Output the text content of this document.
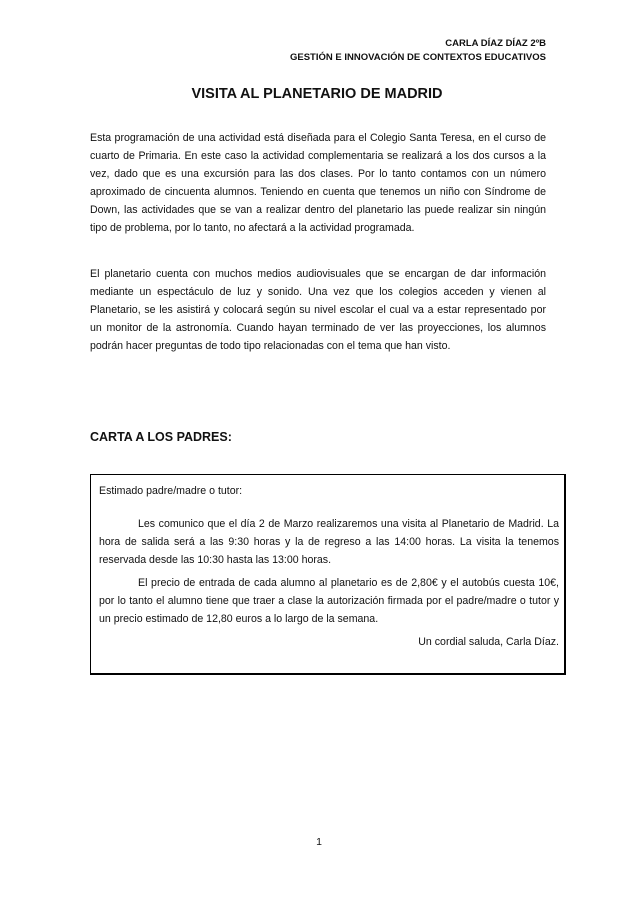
CARLA DÍAZ DÍAZ 2ºB
GESTIÓN E INNOVACIÓN DE CONTEXTOS EDUCATIVOS
VISITA AL PLANETARIO DE MADRID
Esta programación de una actividad está diseñada para el Colegio Santa Teresa, en el curso de cuarto de Primaria. En este caso la actividad complementaria se realizará a los dos cursos a la vez, dado que es una excursión para las dos clases. Por lo tanto contamos con un número aproximado de cincuenta alumnos. Teniendo en cuenta que tenemos un niño con Síndrome de Down, las actividades que se van a realizar dentro del planetario las puede realizar sin ningún tipo de problema, por lo tanto, no afectará a la actividad programada.
El planetario cuenta con muchos medios audiovisuales que se encargan de dar información mediante un espectáculo de luz y sonido. Una vez que los colegios acceden y vienen al Planetario, se les asistirá y colocará según su nivel escolar el cual va a estar representado por un monitor de la astronomía. Cuando hayan terminado de ver las proyecciones, los alumnos podrán hacer preguntas de todo tipo relacionadas con el tema que han visto.
CARTA A LOS PADRES:
Estimado padre/madre o tutor:
Les comunico que el día 2 de Marzo realizaremos una visita al Planetario de Madrid. La hora de salida será a las 9:30 horas y la de regreso a las 14:00 horas. La visita la tenemos reservada desde las 10:30 hasta las 13:00 horas.
El precio de entrada de cada alumno al planetario es de 2,80€ y el autobús cuesta 10€, por lo tanto el alumno tiene que traer a clase la autorización firmada por el padre/madre o tutor y un precio estimado de 12,80 euros a lo largo de la semana.
Un cordial saluda, Carla Díaz.
1
